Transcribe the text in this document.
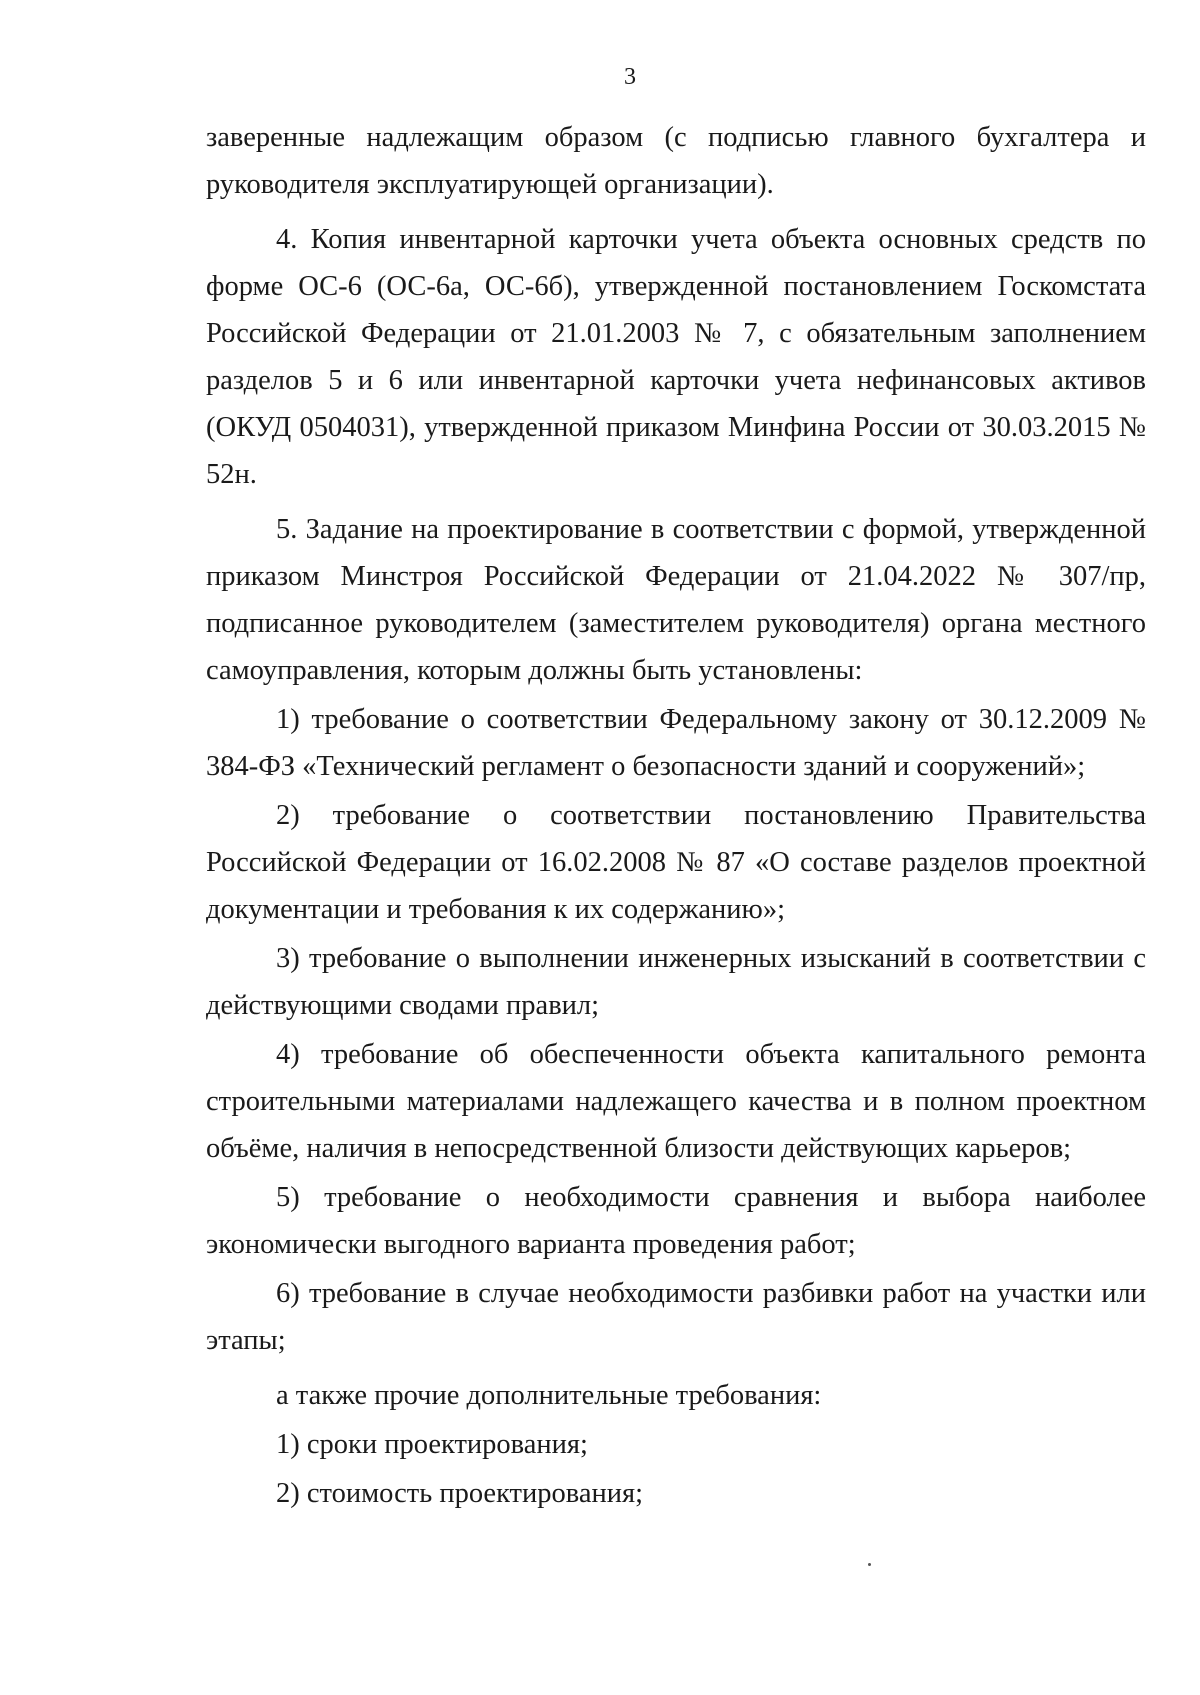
3

заверенные надлежащим образом (с подписью главного бухгалтера и руководителя эксплуатирующей организации).

4. Копия инвентарной карточки учета объекта основных средств по форме ОС-6 (ОС-6а, ОС-6б), утвержденной постановлением Госкомстата Российской Федерации от 21.01.2003 № 7, с обязательным заполнением разделов 5 и 6 или инвентарной карточки учета нефинансовых активов (ОКУД 0504031), утвержденной приказом Минфина России от 30.03.2015 № 52н.

5. Задание на проектирование в соответствии с формой, утвержденной приказом Минстроя Российской Федерации от 21.04.2022 № 307/пр, подписанное руководителем (заместителем руководителя) органа местного самоуправления, которым должны быть установлены:

1) требование о соответствии Федеральному закону от 30.12.2009 № 384-ФЗ «Технический регламент о безопасности зданий и сооружений»;

2) требование о соответствии постановлению Правительства Российской Федерации от 16.02.2008 № 87 «О составе разделов проектной документации и требования к их содержанию»;

3) требование о выполнении инженерных изысканий в соответствии с действующими сводами правил;

4) требование об обеспеченности объекта капитального ремонта строительными материалами надлежащего качества и в полном проектном объёме, наличия в непосредственной близости действующих карьеров;

5) требование о необходимости сравнения и выбора наиболее экономически выгодного варианта проведения работ;

6) требование в случае необходимости разбивки работ на участки или этапы;

а также прочие дополнительные требования:

1) сроки проектирования;

2) стоимость проектирования;
